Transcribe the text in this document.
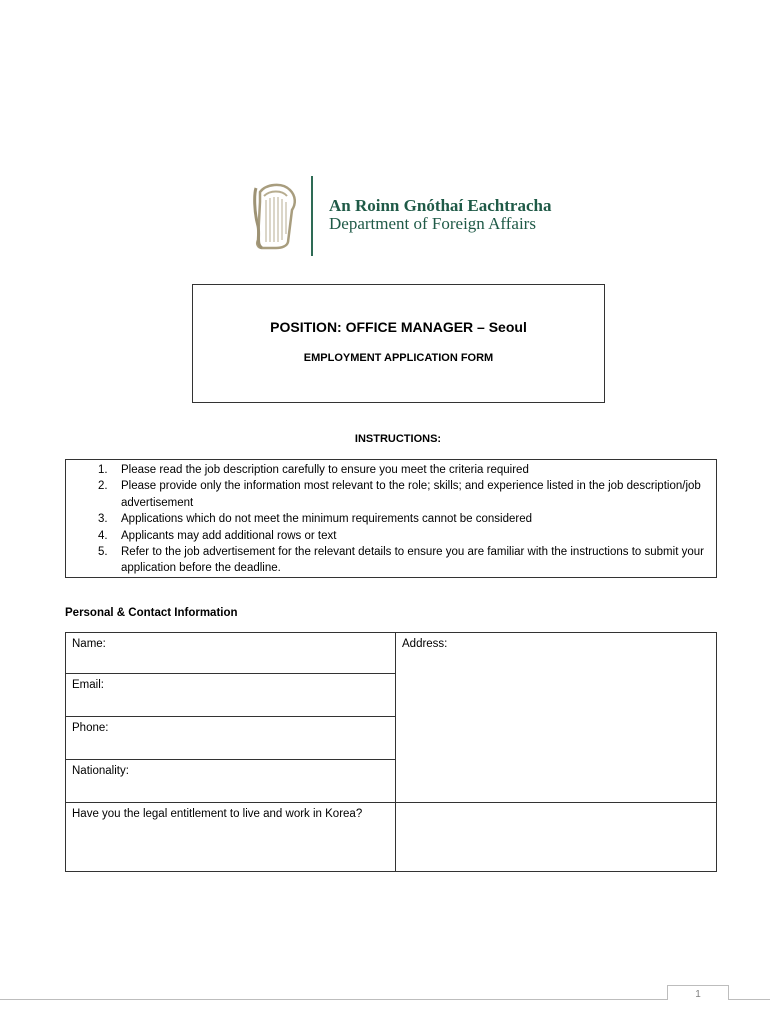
An Roinn Gnóthaí Eachtracha
Department of Foreign Affairs
POSITION: OFFICE MANAGER – Seoul
EMPLOYMENT APPLICATION FORM
INSTRUCTIONS:
1. Please read the job description carefully to ensure you meet the criteria required
2. Please provide only the information most relevant to the role; skills; and experience listed in the job description/job advertisement
3. Applications which do not meet the minimum requirements cannot be considered
4. Applicants may add additional rows or text
5. Refer to the job advertisement for the relevant details to ensure you are familiar with the instructions to submit your application before the deadline.
Personal & Contact Information
Name:
Email:
Phone:
Nationality:
Address:
Have you the legal entitlement to live and work in Korea?
1
